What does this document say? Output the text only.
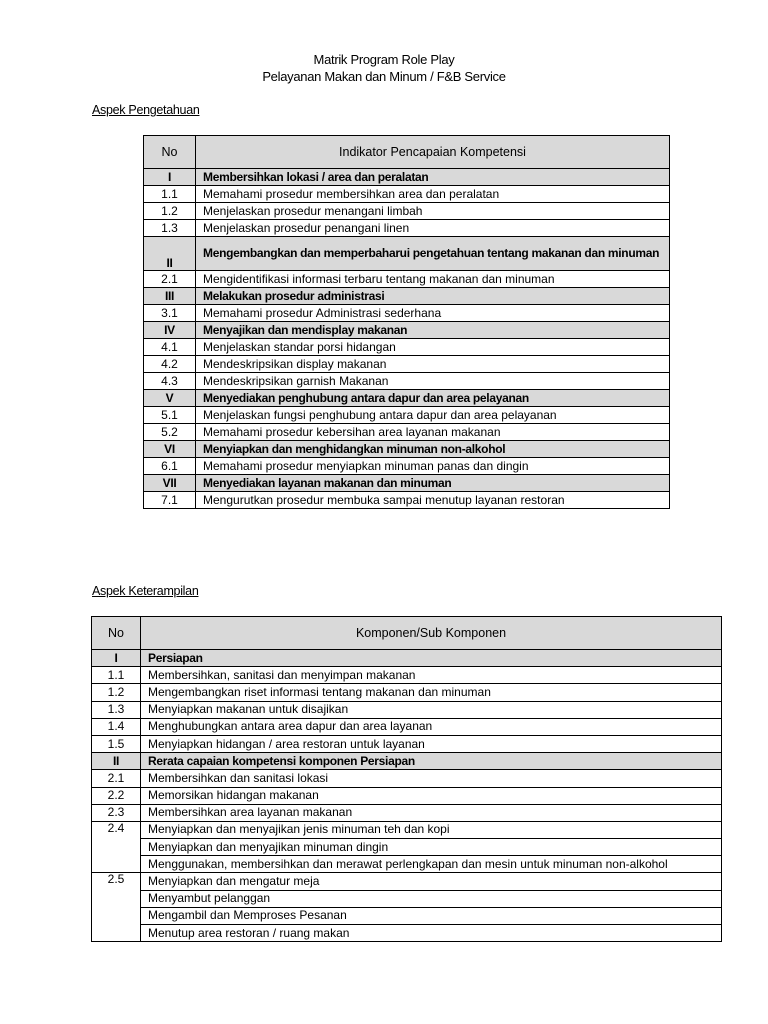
Matrik Program Role Play
Pelayanan Makan dan Minum / F&B Service
Aspek Pengetahuan
No	Indikator Pencapaian Kompetensi
I	Membersihkan lokasi / area dan peralatan
1.1	Memahami prosedur membersihkan area dan peralatan
1.2	Menjelaskan prosedur menangani limbah
1.3	Menjelaskan prosedur penangani linen
II	Mengembangkan dan memperbaharui pengetahuan tentang makanan dan minuman
2.1	Mengidentifikasi informasi terbaru tentang makanan dan minuman
III	Melakukan prosedur administrasi
3.1	Memahami prosedur Administrasi sederhana
IV	Menyajikan dan mendisplay makanan
4.1	Menjelaskan standar porsi hidangan
4.2	Mendeskripsikan display makanan
4.3	Mendeskripsikan garnish Makanan
V	Menyediakan penghubung antara dapur dan area pelayanan
5.1	Menjelaskan fungsi penghubung antara dapur dan area pelayanan
5.2	Memahami prosedur kebersihan area layanan makanan
VI	Menyiapkan dan menghidangkan minuman non-alkohol
6.1	Memahami prosedur menyiapkan minuman panas dan dingin
VII	Menyediakan layanan makanan dan minuman
7.1	Mengurutkan prosedur membuka sampai menutup layanan restoran
Aspek Keterampilan
No	Komponen/Sub Komponen
I	Persiapan
1.1	Membersihkan, sanitasi dan menyimpan makanan
1.2	Mengembangkan riset informasi tentang makanan dan minuman
1.3	Menyiapkan makanan untuk disajikan
1.4	Menghubungkan antara area dapur dan area layanan
1.5	Menyiapkan hidangan / area restoran untuk layanan
II	Rerata capaian kompetensi komponen Persiapan
2.1	Membersihkan dan sanitasi lokasi
2.2	Memorsikan hidangan makanan
2.3	Membersihkan area layanan makanan
2.4	Menyiapkan dan menyajikan jenis minuman teh dan kopi
	Menyiapkan dan menyajikan minuman dingin
	Menggunakan, membersihkan dan merawat perlengkapan dan mesin untuk minuman non-alkohol
2.5	Menyiapkan dan mengatur meja
	Menyambut pelanggan
	Mengambil dan Memproses Pesanan
	Menutup area restoran / ruang makan
